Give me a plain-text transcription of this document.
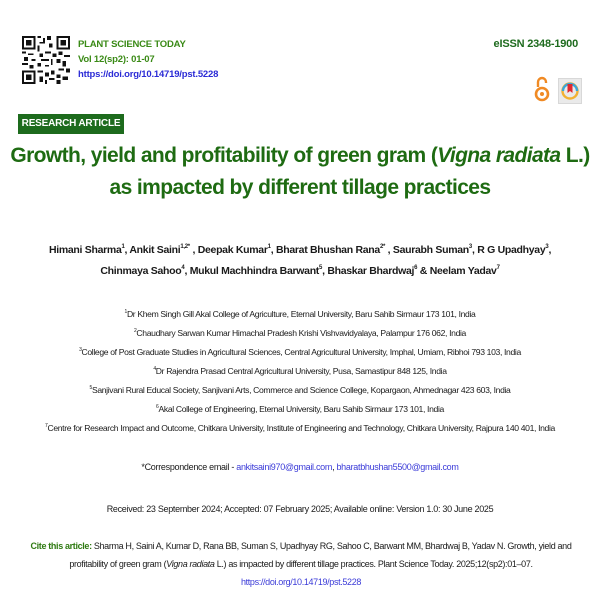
PLANT SCIENCE TODAY
Vol 12(sp2): 01-07
https://doi.org/10.14719/pst.5228
eISSN 2348-1900
RESEARCH ARTICLE
Growth, yield and profitability of green gram (Vigna radiata L.)
as impacted by different tillage practices
Himani Sharma$^1$, Ankit Saini$^{1,2*}$ , Deepak Kumar$^1$, Bharat Bhushan Rana$^{2*}$ , Saurabh Suman$^3$, R G Upadhyay$^3$,
Chinmaya Sahoo$^4$, Mukul Machhindra Barwant$^5$, Bhaskar Bhardwaj$^6$ & Neelam Yadav$^7$
$^1$Dr Khem Singh Gill Akal College of Agriculture, Eternal University, Baru Sahib Sirmaur 173 101, India
$^2$Chaudhary Sarwan Kumar Himachal Pradesh Krishi Vishvavidyalaya, Palampur 176 062, India
$^3$College of Post Graduate Studies in Agricultural Sciences, Central Agricultural University, Imphal, Umiam, Ribhoi 793 103, India
$^4$Dr Rajendra Prasad Central Agricultural University, Pusa, Samastipur 848 125, India
$^5$Sanjivani Rural Educal Society, Sanjivani Arts, Commerce and Science College, Kopargaon, Ahmednagar 423 603, India
$^6$Akal College of Engineering, Eternal University, Baru Sahib Sirmaur 173 101, India
$^7$Centre for Research Impact and Outcome, Chitkara University, Institute of Engineering and Technology, Chitkara University, Rajpura 140 401, India
*Correspondence email - ankitsaini970@gmail.com, bharatbhushan5500@gmail.com
Received: 23 September 2024; Accepted: 07 February 2025; Available online: Version 1.0: 30 June 2025
Cite this article: Sharma H, Saini A, Kumar D, Rana BB, Suman S, Upadhyay RG, Sahoo C, Barwant MM, Bhardwaj B, Yadav N. Growth, yield and profitability of green gram (Vigna radiata L.) as impacted by different tillage practices. Plant Science Today. 2025;12(sp2):01–07.
https://doi.org/10.14719/pst.5228
